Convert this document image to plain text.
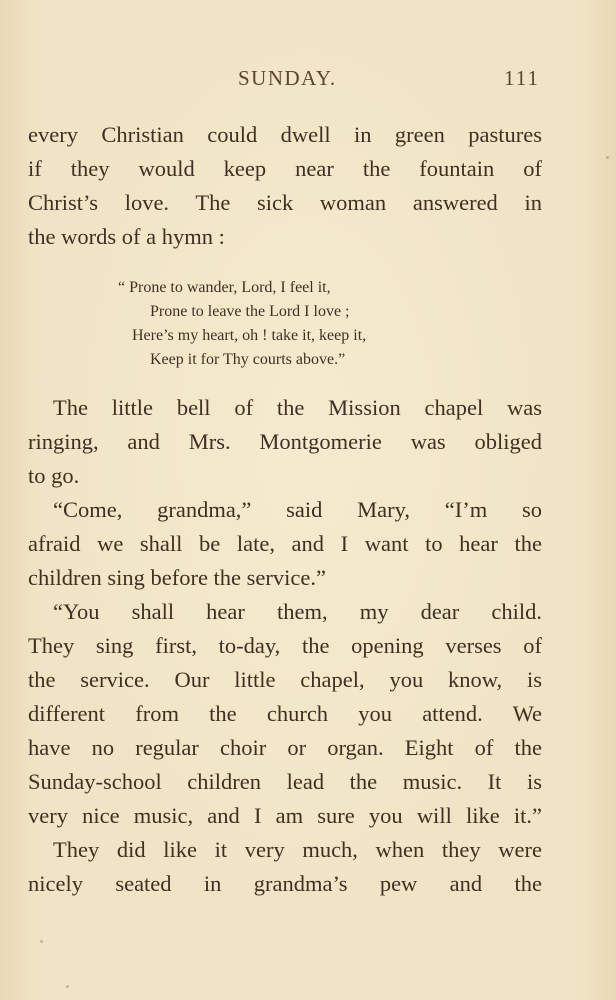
SUNDAY.	111
every Christian could dwell in green pastures
if they would keep near the fountain of
Christ’s love. The sick woman answered in
the words of a hymn :
“ Prone to wander, Lord, I feel it,
Prone to leave the Lord I love ;
Here’s my heart, oh ! take it, keep it,
Keep it for Thy courts above.”
The little bell of the Mission chapel was
ringing, and Mrs. Montgomerie was obliged
to go.
“Come, grandma,” said Mary, “I’m so
afraid we shall be late, and I want to hear the
children sing before the service.”
“You shall hear them, my dear child.
They sing first, to-day, the opening verses of
the service. Our little chapel, you know, is
different from the church you attend. We
have no regular choir or organ. Eight of the
Sunday-school children lead the music. It is
very nice music, and I am sure you will like it.”
They did like it very much, when they were
nicely seated in grandma’s pew and the
